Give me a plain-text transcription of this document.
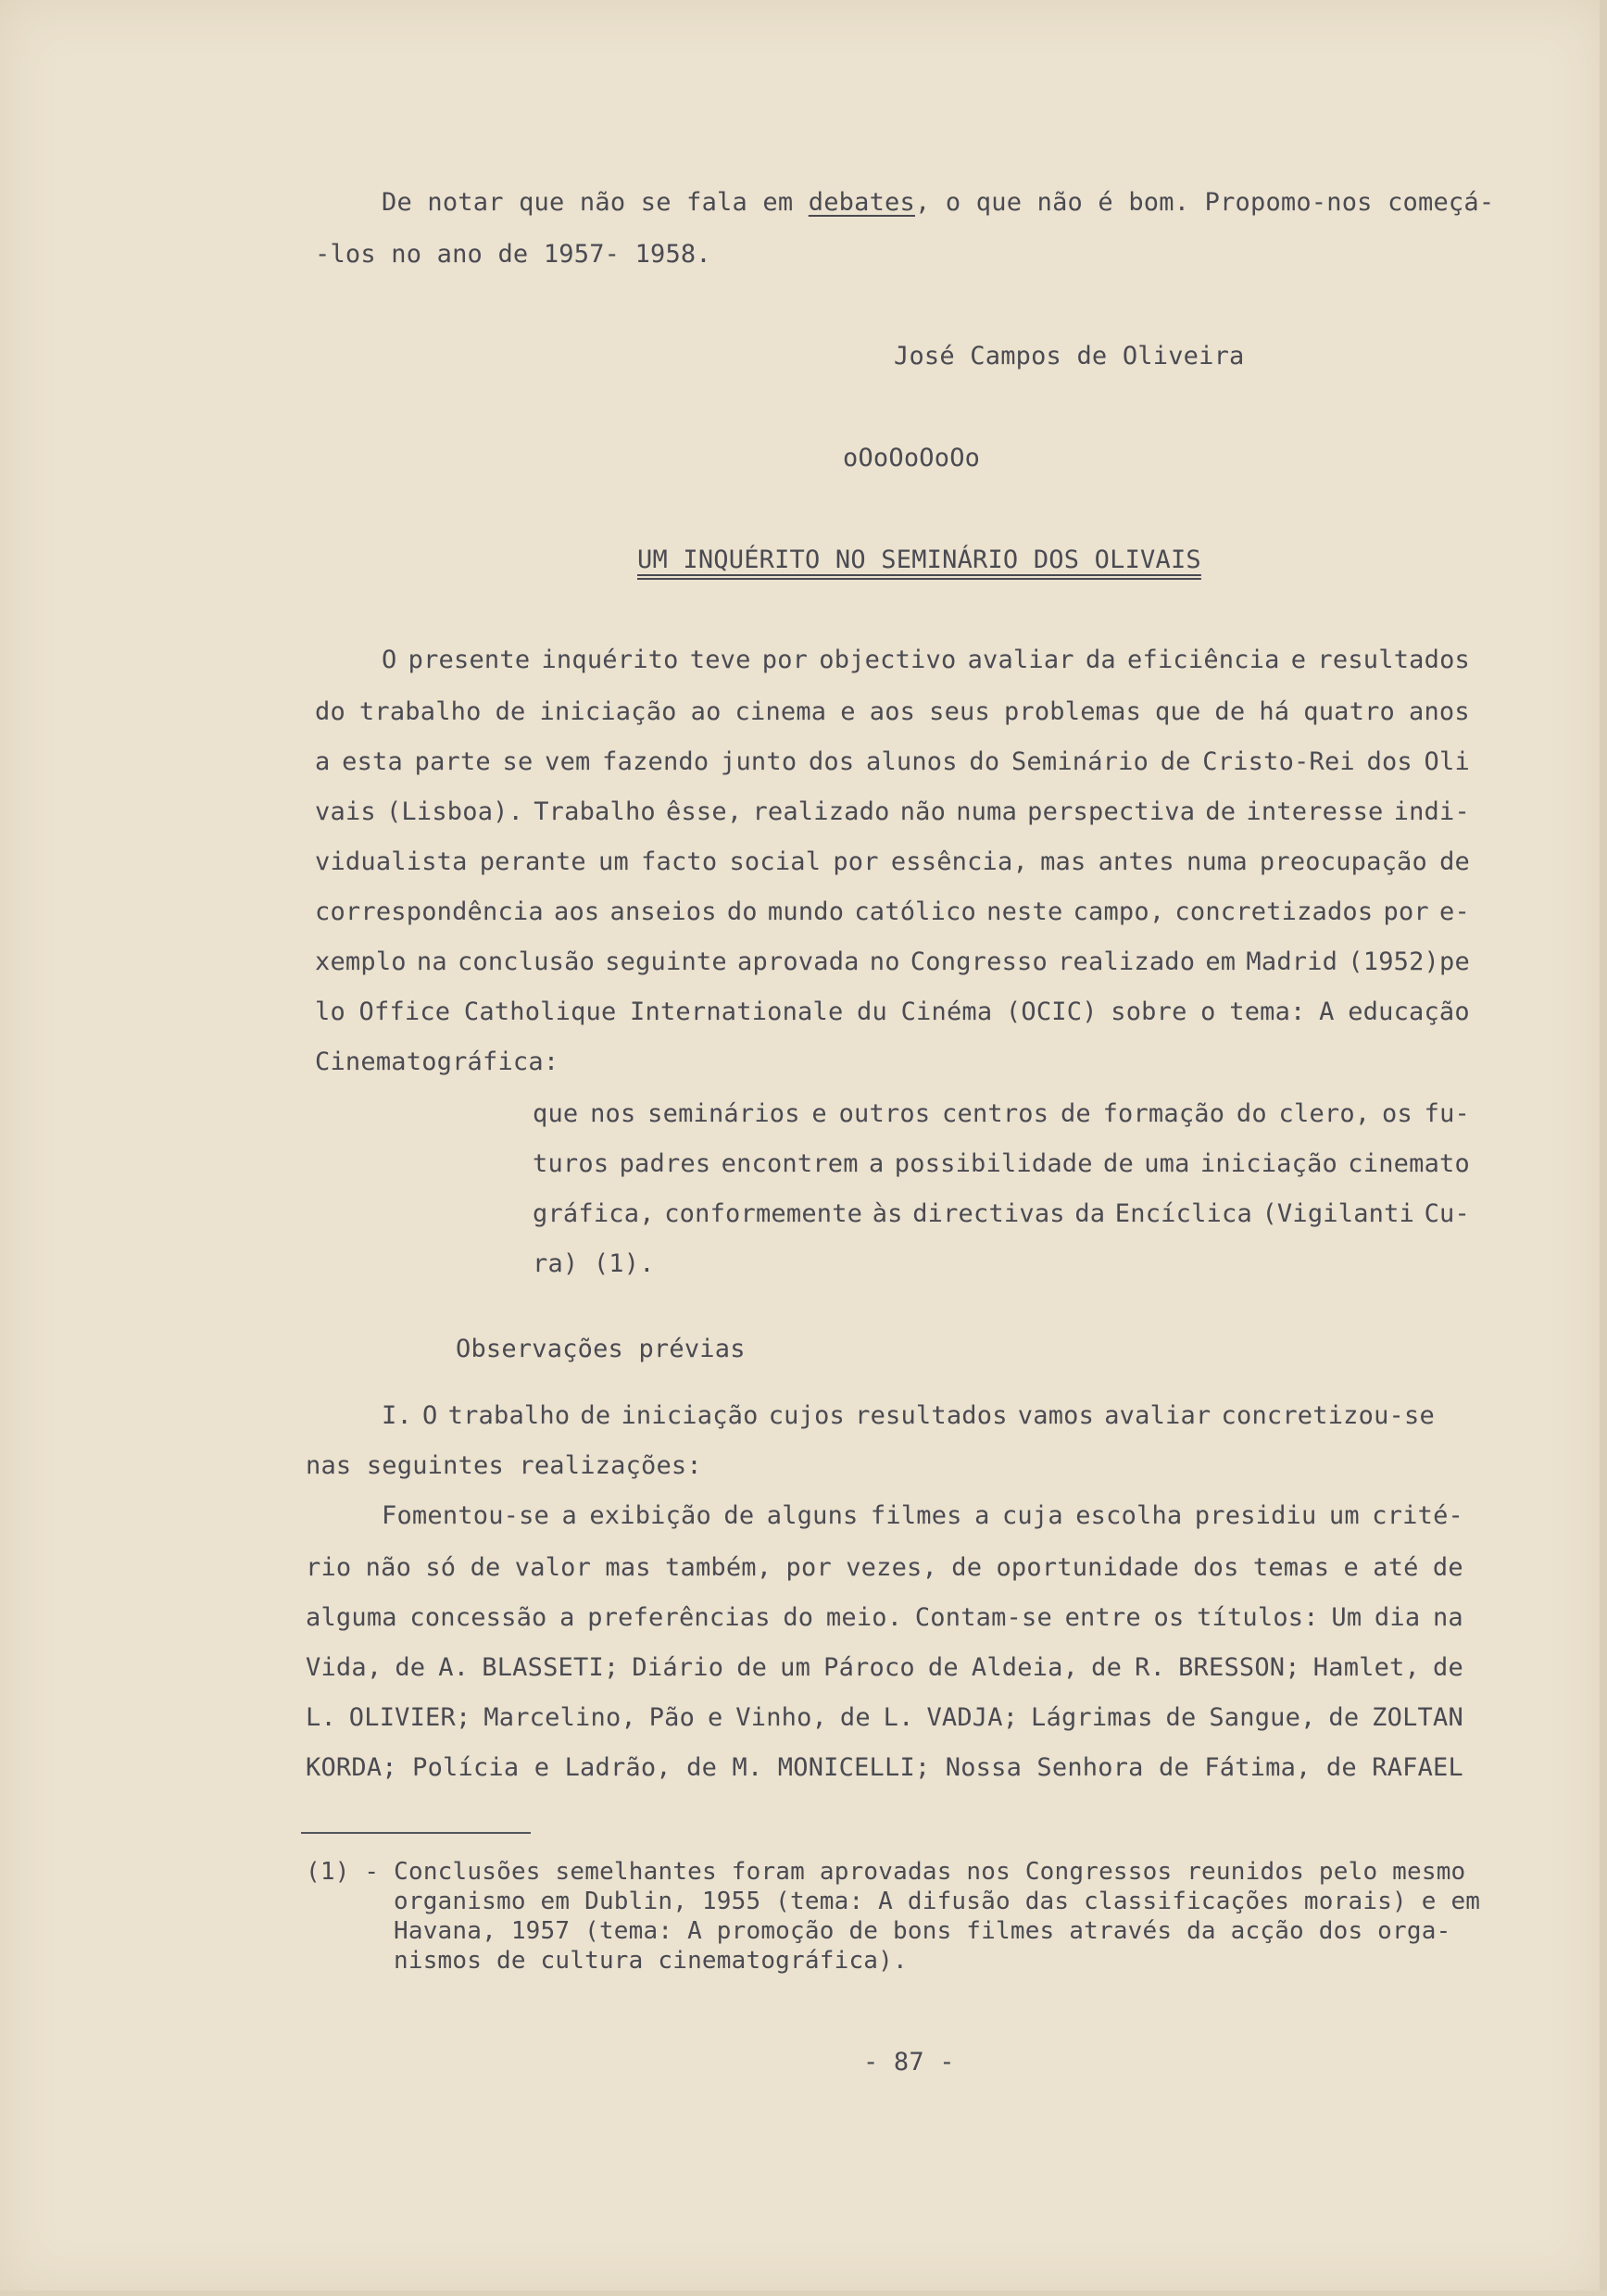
De notar que não se fala em debates, o que não é bom. Propomo-nos começá-
-los no ano de 1957- 1958.
José Campos de Oliveira
oOoOoOoOo
UM INQUÉRITO NO SEMINÁRIO DOS OLIVAIS
O presente inquérito teve por objectivo avaliar da eficiência e resultados
do trabalho de iniciação ao cinema e aos seus problemas que de há quatro anos
a esta parte se vem fazendo junto dos alunos do Seminário de Cristo-Rei dos Oli
vais (Lisboa). Trabalho êsse, realizado não numa perspectiva de interesse indi-
vidualista perante um facto social por essência, mas antes numa preocupação de
correspondência aos anseios do mundo católico neste campo, concretizados por e-
xemplo na conclusão seguinte aprovada no Congresso realizado em Madrid (1952)pe
lo Office Catholique Internationale du Cinéma (OCIC) sobre o tema: A educação
Cinematográfica:
que nos seminários e outros centros de formação do clero, os fu-
turos padres encontrem a possibilidade de uma iniciação cinemato
gráfica, conformemente às directivas da Encíclica (Vigilanti Cu-
ra) (1).
Observações prévias
I. O trabalho de iniciação cujos resultados vamos avaliar concretizou-se
nas seguintes realizações:
Fomentou-se a exibição de alguns filmes a cuja escolha presidiu um crité-
rio não só de valor mas também, por vezes, de oportunidade dos temas e até de
alguma concessão a preferências do meio. Contam-se entre os títulos: Um dia na
Vida, de A. BLASSETI; Diário de um Pároco de Aldeia, de R. BRESSON; Hamlet, de
L. OLIVIER; Marcelino, Pão e Vinho, de L. VADJA; Lágrimas de Sangue, de ZOLTAN
KORDA; Polícia e Ladrão, de M. MONICELLI; Nossa Senhora de Fátima, de RAFAEL
(1) - Conclusões semelhantes foram aprovadas nos Congressos reunidos pelo mesmo
organismo em Dublin, 1955 (tema: A difusão das classificações morais) e em
Havana, 1957 (tema: A promoção de bons filmes através da acção dos orga-
nismos de cultura cinematográfica).
- 87 -
